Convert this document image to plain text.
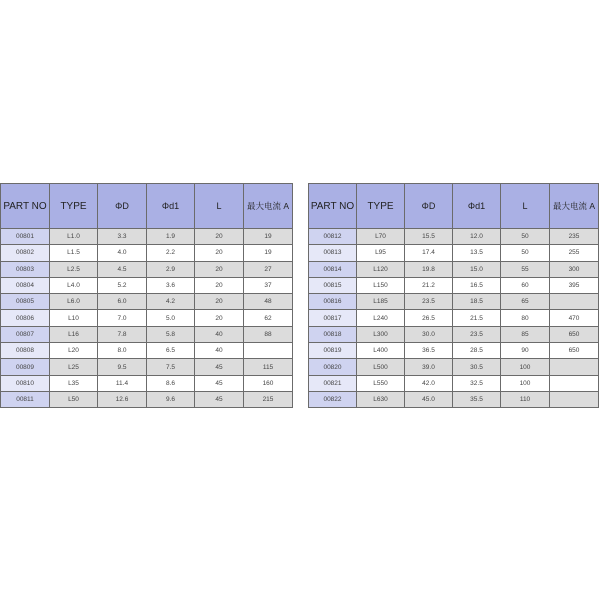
PART NO	TYPE	ΦD	Φd1	L	最大电流 A
00801	L1.0	3.3	1.9	20	19
00802	L1.5	4.0	2.2	20	19
00803	L2.5	4.5	2.9	20	27
00804	L4.0	5.2	3.6	20	37
00805	L6.0	6.0	4.2	20	48
00806	L10	7.0	5.0	20	62
00807	L16	7.8	5.8	40	88
00808	L20	8.0	6.5	40	
00809	L25	9.5	7.5	45	115
00810	L35	11.4	8.6	45	160
00811	L50	12.6	9.6	45	215
PART NO	TYPE	ΦD	Φd1	L	最大电流 A
00812	L70	15.5	12.0	50	235
00813	L95	17.4	13.5	50	255
00814	L120	19.8	15.0	55	300
00815	L150	21.2	16.5	60	395
00816	L185	23.5	18.5	65	
00817	L240	26.5	21.5	80	470
00818	L300	30.0	23.5	85	650
00819	L400	36.5	28.5	90	650
00820	L500	39.0	30.5	100	
00821	L550	42.0	32.5	100	
00822	L630	45.0	35.5	110	
